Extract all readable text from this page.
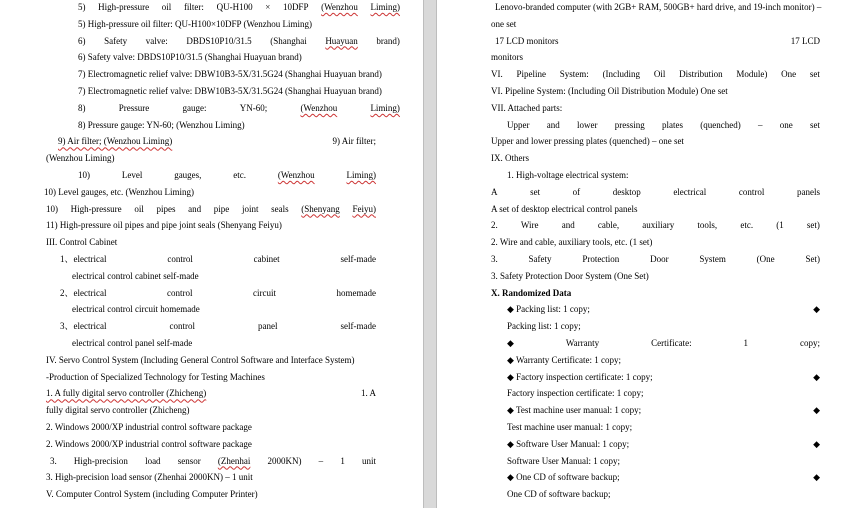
5) High-pressure oil filter: QU-H100 × 10DFP (Wenzhou Liming)
5) High-pressure oil filter: QU-H100×10DFP (Wenzhou Liming)
6) Safety valve: DBDS10P10/31.5 (Shanghai Huayuan brand)
6) Safety valve: DBDS10P10/31.5 (Shanghai Huayuan brand)
7) Electromagnetic relief valve: DBW10B3-5X/31.5G24 (Shanghai Huayuan brand)
7) Electromagnetic relief valve: DBW10B3-5X/31.5G24 (Shanghai Huayuan brand)
8)	Pressure	gauge:	YN-60;	(Wenzhou	Liming)
8) Pressure gauge: YN-60; (Wenzhou Liming)
9) Air filter; (Wenzhou Liming)	9) Air filter;
(Wenzhou Liming)
10)	Level	gauges,	etc.	(Wenzhou	Liming)
10) Level gauges, etc. (Wenzhou Liming)
10) High-pressure oil pipes and pipe joint seals (Shenyang Feiyu)
11) High-pressure oil pipes and pipe joint seals (Shenyang Feiyu)
III. Control Cabinet
1、electrical	control	cabinet	self-made
electrical control cabinet self-made
2、electrical	control	circuit	homemade
electrical control circuit homemade
3、electrical	control	panel	self-made
electrical control panel self-made
IV. Servo Control System (Including General Control Software and Interface System)
-Production of Specialized Technology for Testing Machines
1. A fully digital servo controller (Zhicheng)	1. A
fully digital servo controller (Zhicheng)
2. Windows 2000/XP industrial control software package
2. Windows 2000/XP industrial control software package
3. High-precision load sensor (Zhenhai 2000KN) – 1 unit
3. High-precision load sensor (Zhenhai 2000KN) – 1 unit
V. Computer Control System (including Computer Printer)
Lenovo-branded computer (with 2GB+ RAM, 500GB+ hard drive, and 19-inch monitor) –
one set
17 LCD monitors	17 LCD
monitors
VI. Pipeline System: (Including Oil Distribution Module) One set
VI. Pipeline System: (Including Oil Distribution Module) One set
VII. Attached parts:
Upper and lower pressing plates (quenched) – one set
Upper and lower pressing plates (quenched) – one set
IX. Others
1. High-voltage electrical system:
A	set	of	desktop	electrical	control	panels
A set of desktop electrical control panels
2.	Wire	and	cable,	auxiliary	tools,	etc.	(1	set)
2. Wire and cable, auxiliary tools, etc. (1 set)
3.	Safety	Protection	Door	System	(One	Set)
3. Safety Protection Door System (One Set)
X. Randomized Data
◆ Packing list: 1 copy;	◆
Packing list: 1 copy;
◆	Warranty	Certificate:	1	copy;
◆ Warranty Certificate: 1 copy;
◆ Factory inspection certificate: 1 copy;	◆
Factory inspection certificate: 1 copy;
◆ Test machine user manual: 1 copy;	◆
Test machine user manual: 1 copy;
◆ Software User Manual: 1 copy;	◆
Software User Manual: 1 copy;
◆ One CD of software backup;	◆
One CD of software backup;
